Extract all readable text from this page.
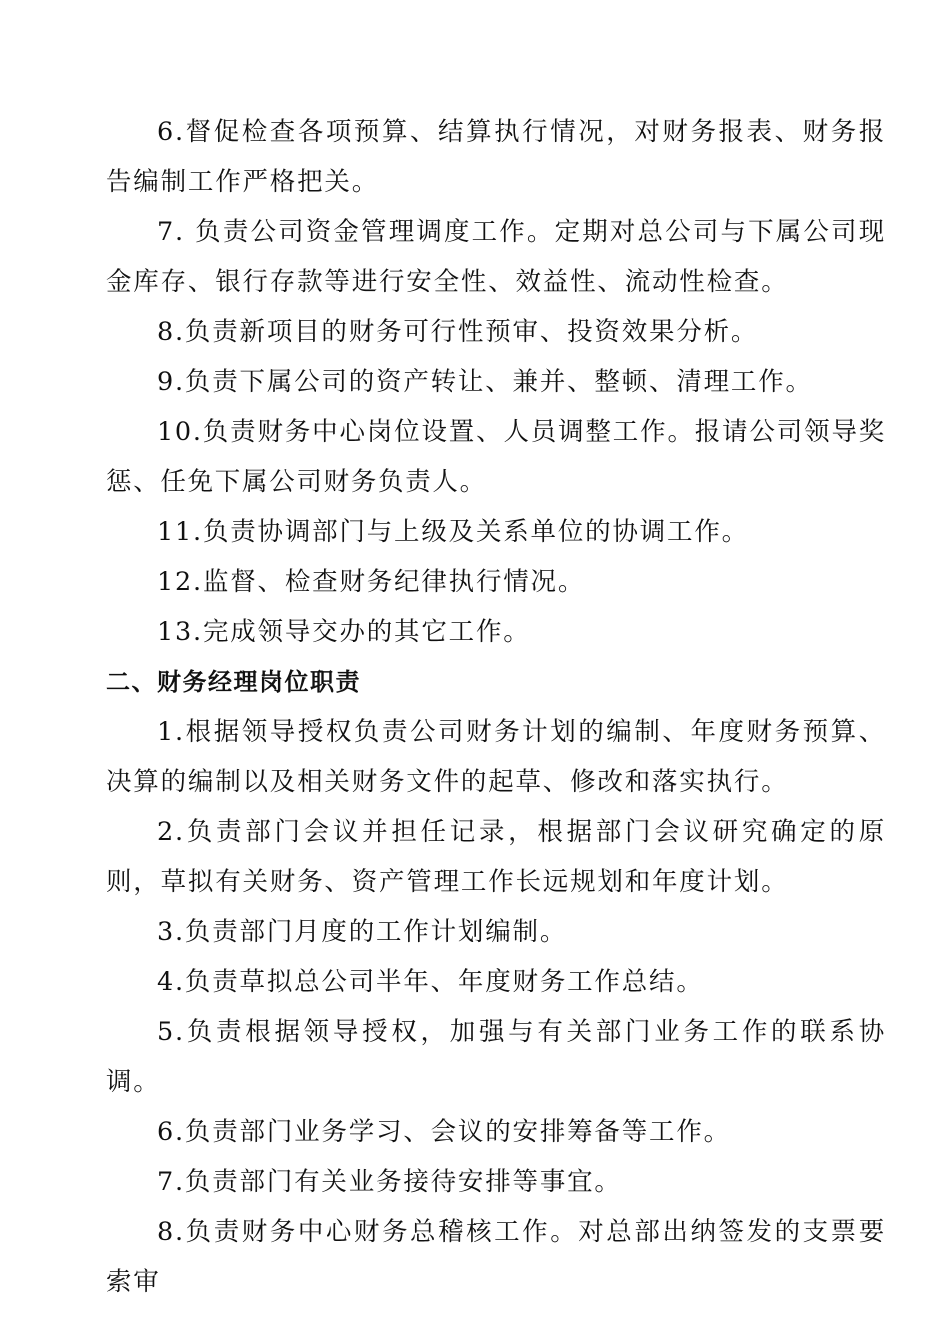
6.督促检查各项预算、结算执行情况，对财务报表、财务报告编制工作严格把关。

7. 负责公司资金管理调度工作。定期对总公司与下属公司现金库存、银行存款等进行安全性、效益性、流动性检查。

8.负责新项目的财务可行性预审、投资效果分析。

9.负责下属公司的资产转让、兼并、整顿、清理工作。

10.负责财务中心岗位设置、人员调整工作。报请公司领导奖惩、任免下属公司财务负责人。

11.负责协调部门与上级及关系单位的协调工作。

12.监督、检查财务纪律执行情况。

13.完成领导交办的其它工作。

二、财务经理岗位职责

1.根据领导授权负责公司财务计划的编制、年度财务预算、决算的编制以及相关财务文件的起草、修改和落实执行。

2.负责部门会议并担任记录，根据部门会议研究确定的原则，草拟有关财务、资产管理工作长远规划和年度计划。

3.负责部门月度的工作计划编制。

4.负责草拟总公司半年、年度财务工作总结。

5.负责根据领导授权，加强与有关部门业务工作的联系协调。

6.负责部门业务学习、会议的安排筹备等工作。

7.负责部门有关业务接待安排等事宜。

8.负责财务中心财务总稽核工作。对总部出纳签发的支票要索审
